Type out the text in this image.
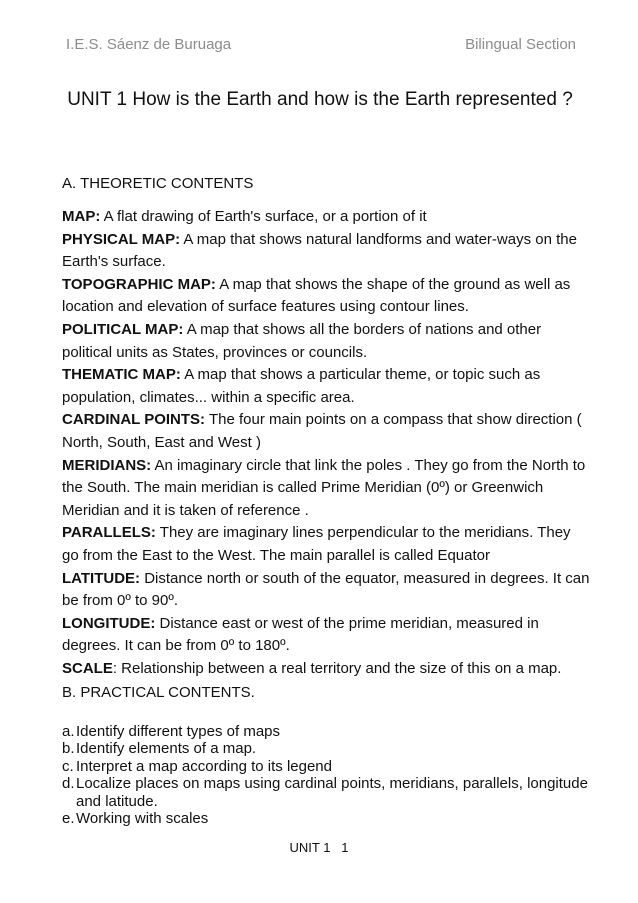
I.E.S. Sáenz de Buruaga	Bilingual Section
UNIT 1 How is the Earth and how is the Earth represented ?
A. THEORETIC CONTENTS

MAP: A flat drawing of Earth's surface, or a portion of it

PHYSICAL MAP: A map that shows natural landforms and water-ways on the Earth's surface.

TOPOGRAPHIC MAP: A map that shows the shape of the ground as well as location and elevation of surface features using contour lines.

POLITICAL MAP: A map that shows all the borders of nations and other political units as States, provinces or councils.

THEMATIC MAP: A map that shows a particular theme, or topic such as population, climates... within a specific area.

CARDINAL POINTS: The four main points on a compass that show direction ( North, South, East and West )

MERIDIANS: An imaginary circle that link the poles . They go from the North to the South. The main meridian is called Prime Meridian (0º) or Greenwich Meridian and it is taken of reference .

PARALLELS: They are imaginary lines perpendicular to the meridians. They go from the East to the West. The main parallel is called Equator

LATITUDE: Distance north or south of the equator, measured in degrees. It can be from 0º to 90º.

LONGITUDE: Distance east or west of the prime meridian, measured in degrees. It can be from 0º to 180º.

SCALE: Relationship between a real territory and the size of this on a map.

B. PRACTICAL CONTENTS.
a. Identify different types of maps
b. Identify elements of a map.
c. Interpret a map according to its legend
d. Localize places on maps using cardinal points, meridians, parallels, longitude and latitude.
e. Working with scales
UNIT 1   1
